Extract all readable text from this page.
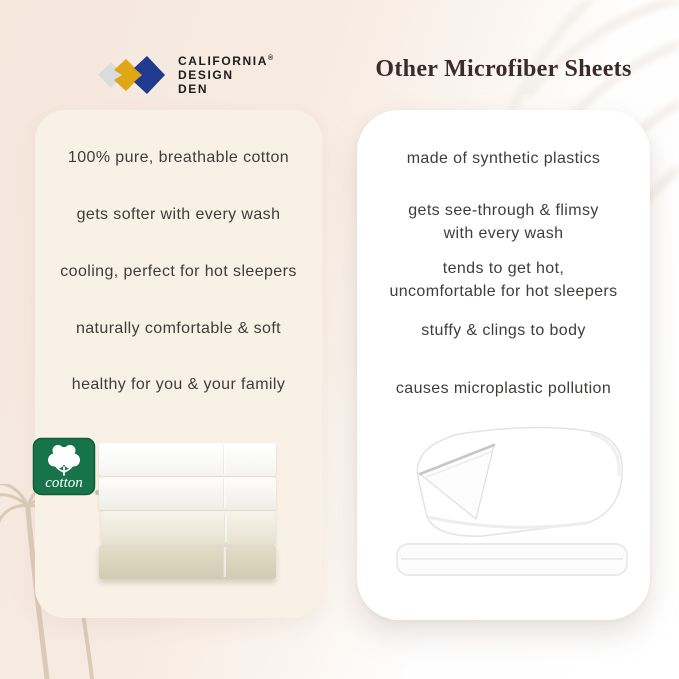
CALIFORNIA®
DESIGN
DEN
Other Microfiber Sheets
100% pure, breathable cotton
gets softer with every wash
cooling, perfect for hot sleepers
naturally comfortable & soft
healthy for you & your family
cotton
®
made of synthetic plastics
gets see-through & flimsy
with every wash
tends to get hot,
uncomfortable for hot sleepers
stuffy & clings to body
causes microplastic pollution
